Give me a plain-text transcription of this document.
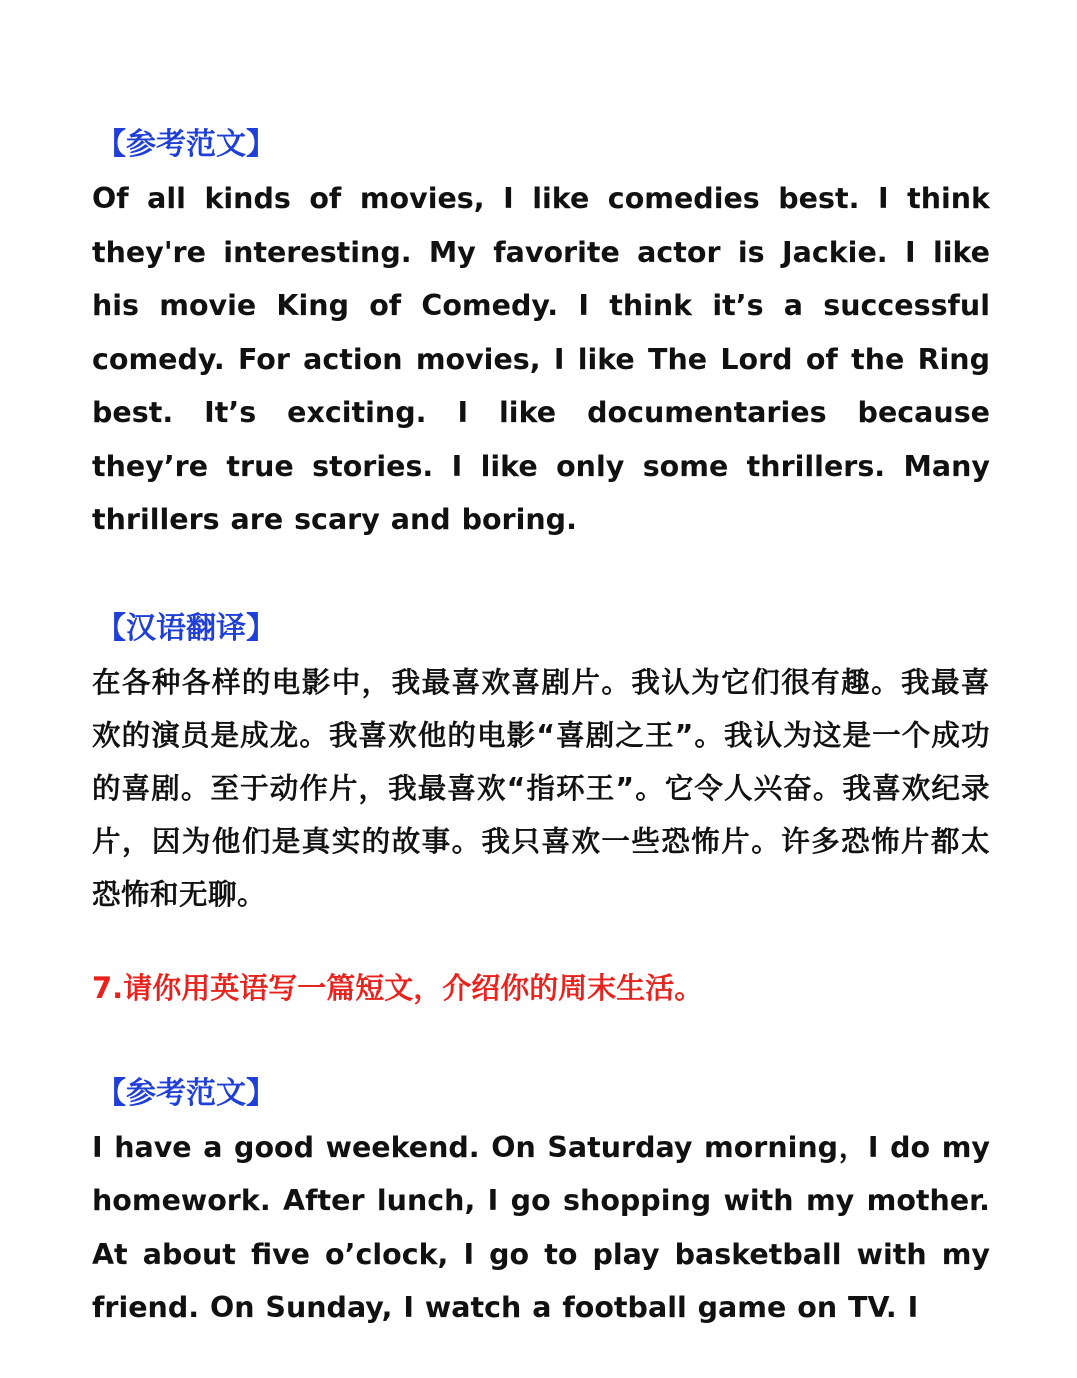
【参考范文】

Of all kinds of movies, I like comedies best. I think they're interesting. My favorite actor is Jackie. I like his movie King of Comedy. I think it’s a successful comedy. For action movies, I like The Lord of the Ring best. It’s exciting. I like documentaries because they’re true stories. I like only some thrillers. Many thrillers are scary and boring.

【汉语翻译】

在各种各样的电影中，我最喜欢喜剧片。我认为它们很有趣。我最喜欢的演员是成龙。我喜欢他的电影“喜剧之王”。我认为这是一个成功的喜剧。至于动作片，我最喜欢“指环王”。它令人兴奋。我喜欢纪录片，因为他们是真实的故事。我只喜欢一些恐怖片。许多恐怖片都太恐怖和无聊。

7.请你用英语写一篇短文，介绍你的周末生活。
【参考范文】

I have a good weekend. On Saturday morning，I do my homework. After lunch, I go shopping with my mother. At about five o’clock, I go to play basketball with my friend. On Sunday, I watch a football game on TV. I
